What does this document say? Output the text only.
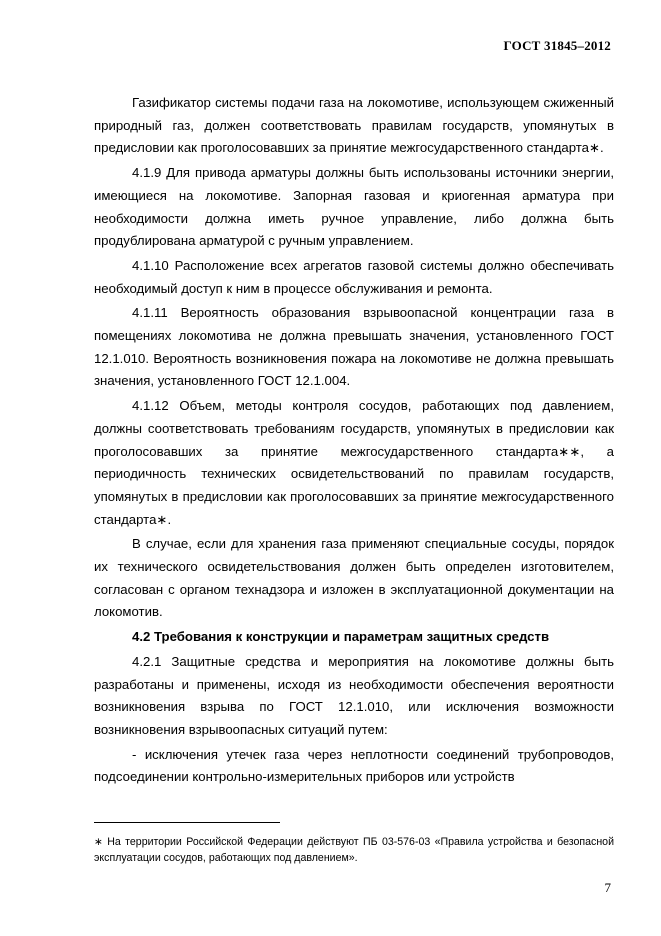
ГОСТ 31845–2012

Газификатор системы подачи газа на локомотиве, использующем сжиженный природный газ, должен соответствовать правилам государств, упомянутых в предисловии как проголосовавших за принятие межгосударственного стандарта∗.

4.1.9 Для привода арматуры должны быть использованы источники энергии, имеющиеся на локомотиве. Запорная газовая и криогенная арматура при необходимости должна иметь ручное управление, либо должна быть продублирована арматурой с ручным управлением.

4.1.10 Расположение всех агрегатов газовой системы должно обеспечивать необходимый доступ к ним в процессе обслуживания и ремонта.

4.1.11 Вероятность образования взрывоопасной концентрации газа в помещениях локомотива не должна превышать значения, установленного ГОСТ 12.1.010. Вероятность возникновения пожара на локомотиве не должна превышать значения, установленного ГОСТ 12.1.004.

4.1.12 Объем, методы контроля сосудов, работающих под давлением, должны соответствовать требованиям государств, упомянутых в предисловии как проголосовавших за принятие межгосударственного стандарта∗∗, а периодичность технических освидетельствований по правилам государств, упомянутых в предисловии как проголосовавших за принятие межгосударственного стандарта∗.

В случае, если для хранения газа применяют специальные сосуды, порядок их технического освидетельствования должен быть определен изготовителем, согласован с органом технадзора и изложен в эксплуатационной документации на локомотив.

4.2 Требования к конструкции и параметрам защитных средств

4.2.1 Защитные средства и мероприятия на локомотиве должны быть разработаны и применены, исходя из необходимости обеспечения вероятности возникновения взрыва по ГОСТ 12.1.010, или исключения возможности возникновения взрывоопасных ситуаций путем:

- исключения утечек газа через неплотности соединений трубопроводов, подсоединении контрольно-измерительных приборов или устройств

∗ На территории Российской Федерации действуют ПБ 03-576-03 «Правила устройства и безопасной эксплуатации сосудов, работающих под давлением».
7
